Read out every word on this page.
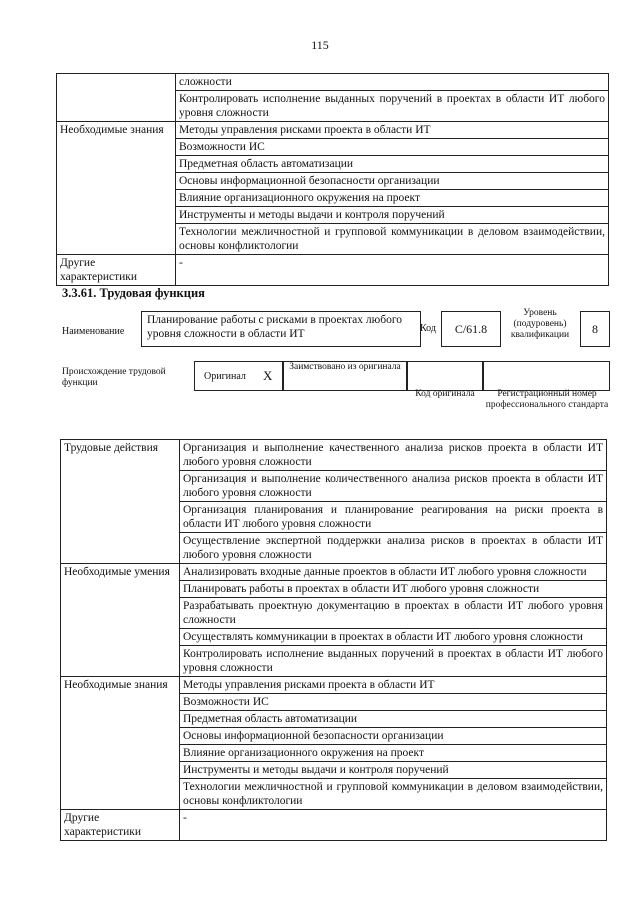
115
	сложности
	Контролировать исполнение выданных поручений в проектах в области ИТ любого уровня сложности
Необходимые знания	Методы управления рисками проекта в области ИТ
	Возможности ИС
	Предметная область автоматизации
	Основы информационной безопасности организации
	Влияние организационного окружения на проект
	Инструменты и методы выдачи и контроля поручений
	Технологии межличностной и групповой коммуникации в деловом взаимодействии, основы конфликтологии
Другие характеристики	-
3.3.61. Трудовая функция
Наименование
Планирование работы с рисками в проектах любого уровня сложности в области ИТ	Код	C/61.8
Уровень (подуровень) квалификации	8
Происхождение трудовой функции
Оригинал X
Заимствовано из оригинала
Код оригинала	Регистрационный номер профессионального стандарта
Трудовые действия	Организация и выполнение качественного анализа рисков проекта в области ИТ любого уровня сложности
	Организация и выполнение количественного анализа рисков проекта в области ИТ любого уровня сложности
	Организация планирования и планирование реагирования на риски проекта в области ИТ любого уровня сложности
	Осуществление экспертной поддержки анализа рисков в проектах в области ИТ любого уровня сложности
Необходимые умения	Анализировать входные данные проектов в области ИТ любого уровня сложности
	Планировать работы в проектах в области ИТ любого уровня сложности
	Разрабатывать проектную документацию в проектах в области ИТ любого уровня сложности
	Осуществлять коммуникации в проектах в области ИТ любого уровня сложности
	Контролировать исполнение выданных поручений в проектах в области ИТ любого уровня сложности
Необходимые знания	Методы управления рисками проекта в области ИТ
	Возможности ИС
	Предметная область автоматизации
	Основы информационной безопасности организации
	Влияние организационного окружения на проект
	Инструменты и методы выдачи и контроля поручений
	Технологии межличностной и групповой коммуникации в деловом взаимодействии, основы конфликтологии
Другие характеристики	-
